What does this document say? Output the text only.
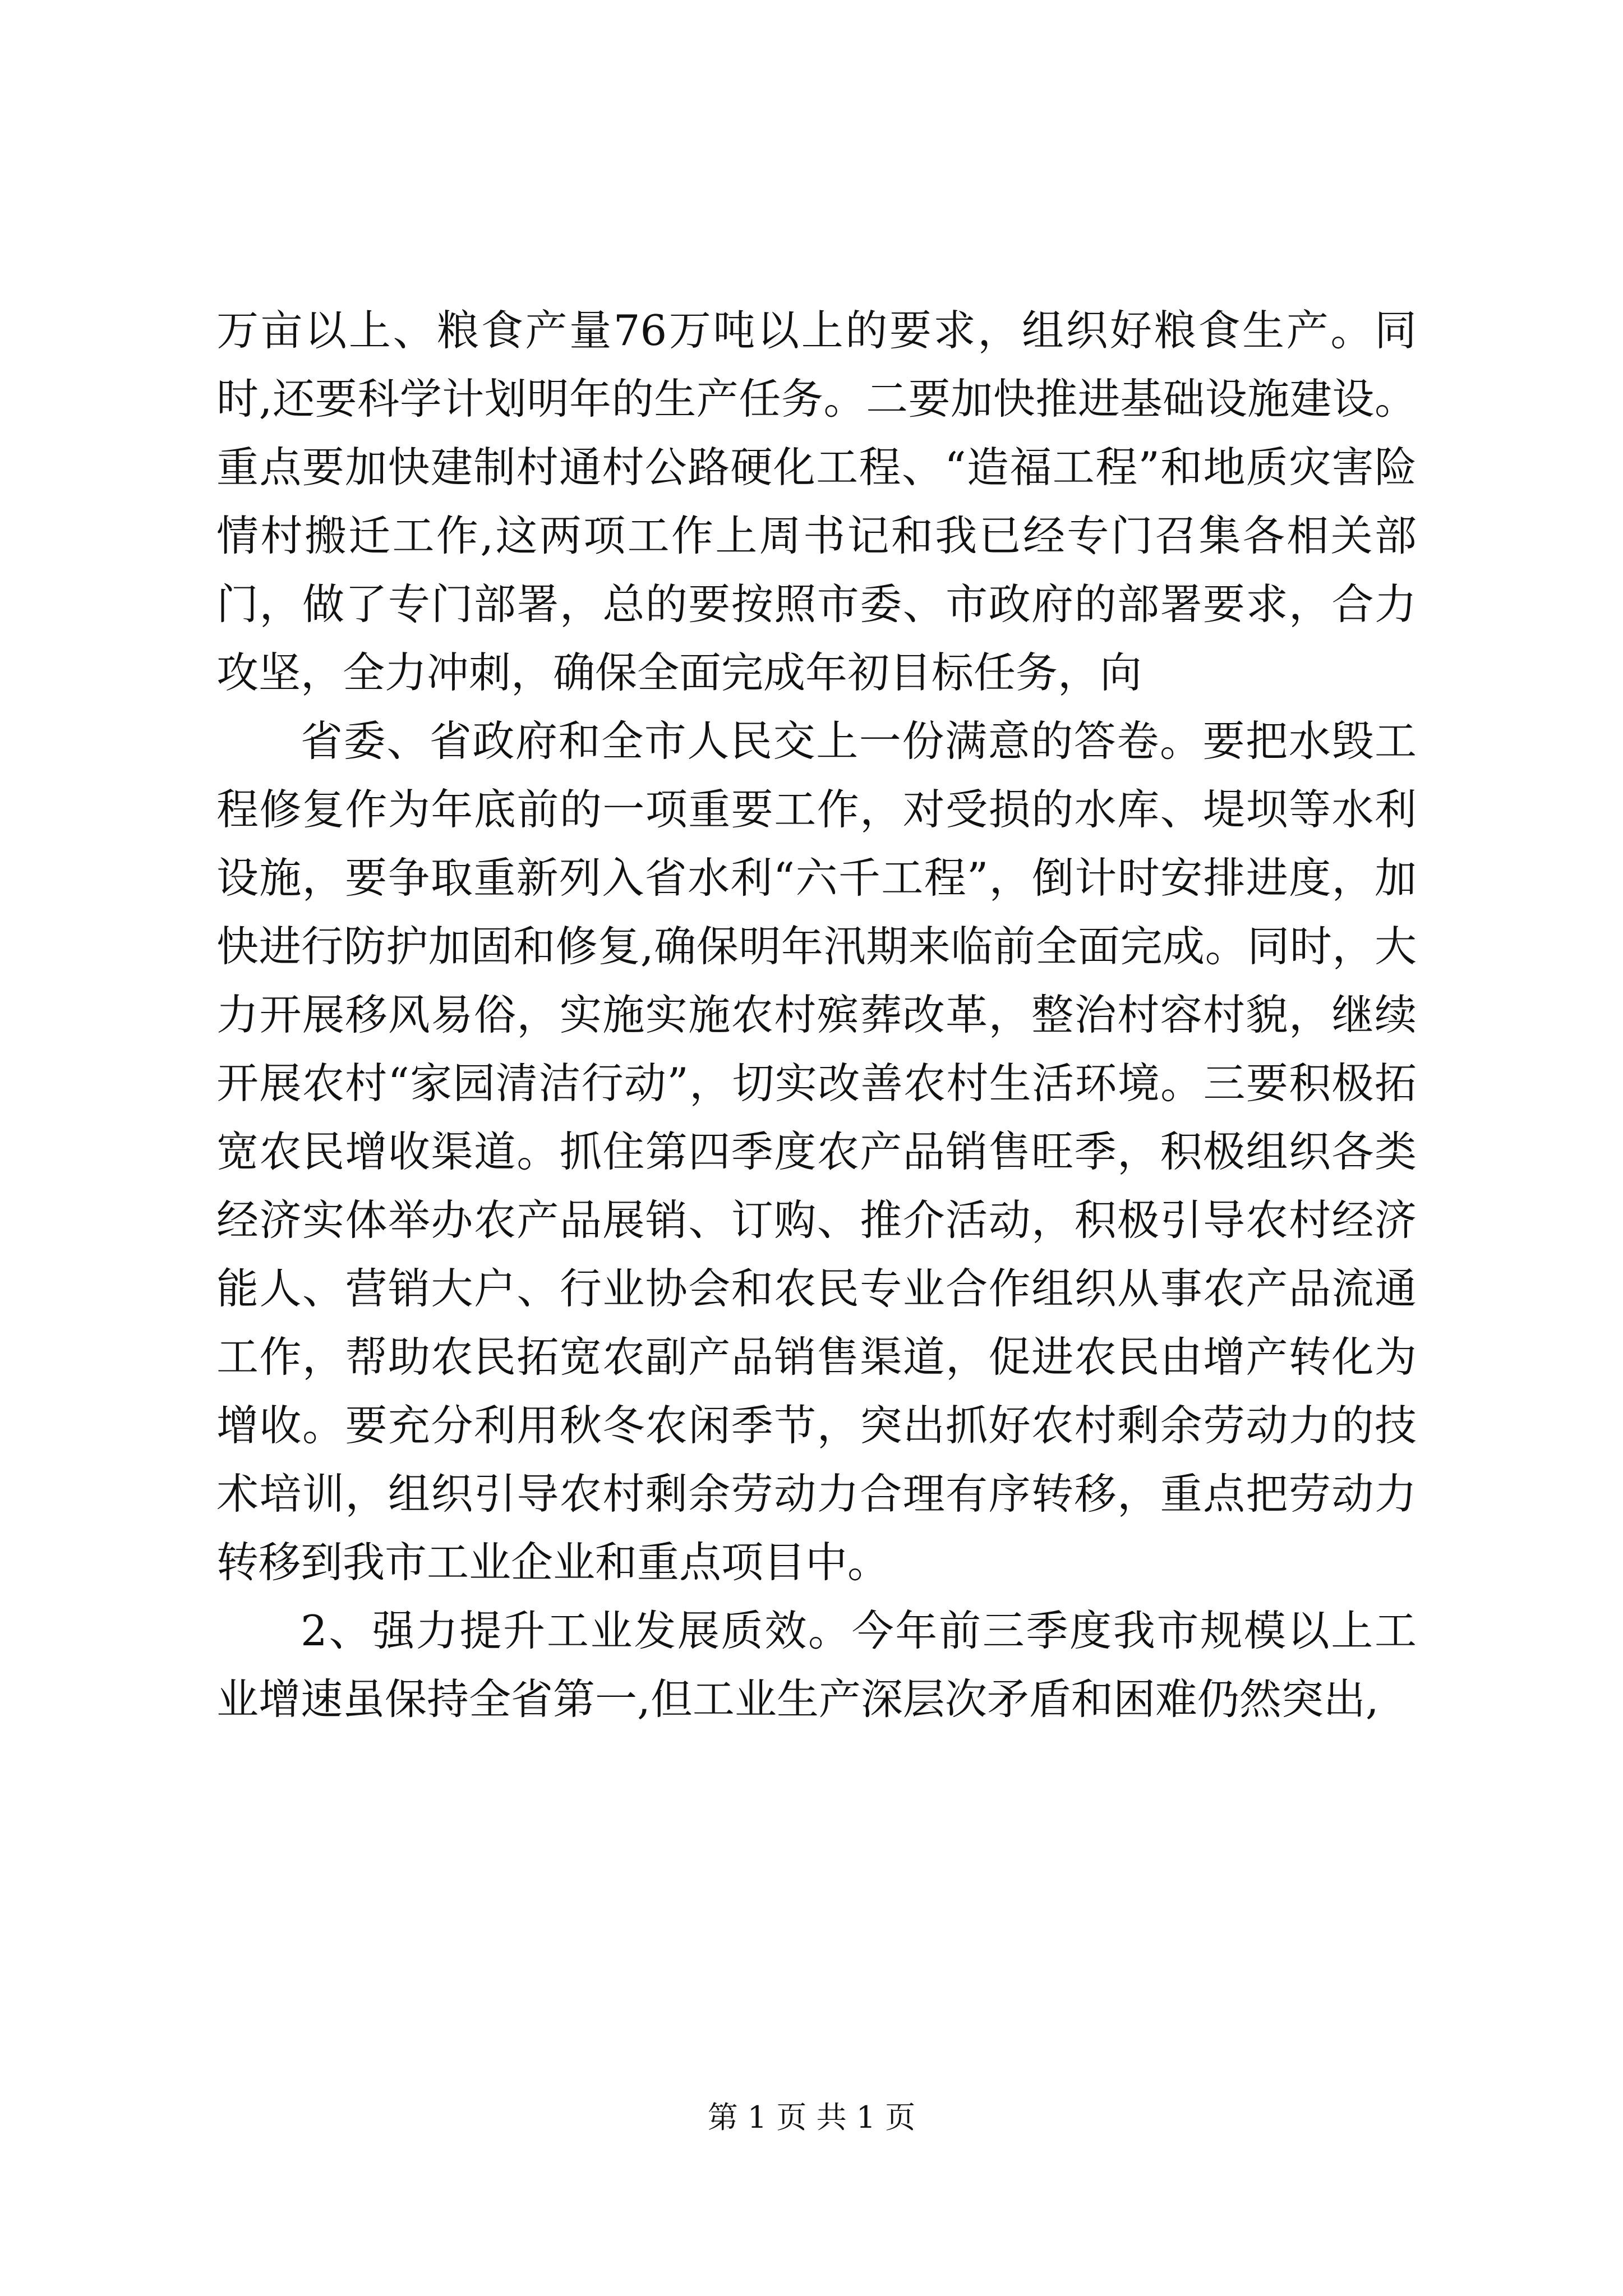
万亩以上、粮食产量76万吨以上的要求，组织好粮食生产。同时,还要科学计划明年的生产任务。二要加快推进基础设施建设。重点要加快建制村通村公路硬化工程、“造福工程”和地质灾害险情村搬迁工作,这两项工作上周书记和我已经专门召集各相关部门，做了专门部署，总的要按照市委、市政府的部署要求，合力攻坚，全力冲刺，确保全面完成年初目标任务，向

省委、省政府和全市人民交上一份满意的答卷。要把水毁工程修复作为年底前的一项重要工作，对受损的水库、堤坝等水利设施，要争取重新列入省水利“六千工程”，倒计时安排进度，加快进行防护加固和修复,确保明年汛期来临前全面完成。同时，大力开展移风易俗，实施实施农村殡葬改革，整治村容村貌，继续开展农村“家园清洁行动”，切实改善农村生活环境。三要积极拓宽农民增收渠道。抓住第四季度农产品销售旺季，积极组织各类经济实体举办农产品展销、订购、推介活动，积极引导农村经济能人、营销大户、行业协会和农民专业合作组织从事农产品流通工作，帮助农民拓宽农副产品销售渠道，促进农民由增产转化为增收。要充分利用秋冬农闲季节，突出抓好农村剩余劳动力的技术培训，组织引导农村剩余劳动力合理有序转移，重点把劳动力转移到我市工业企业和重点项目中。

2、强力提升工业发展质效。今年前三季度我市规模以上工业增速虽保持全省第一,但工业生产深层次矛盾和困难仍然突出,

第 1 页 共 1 页
